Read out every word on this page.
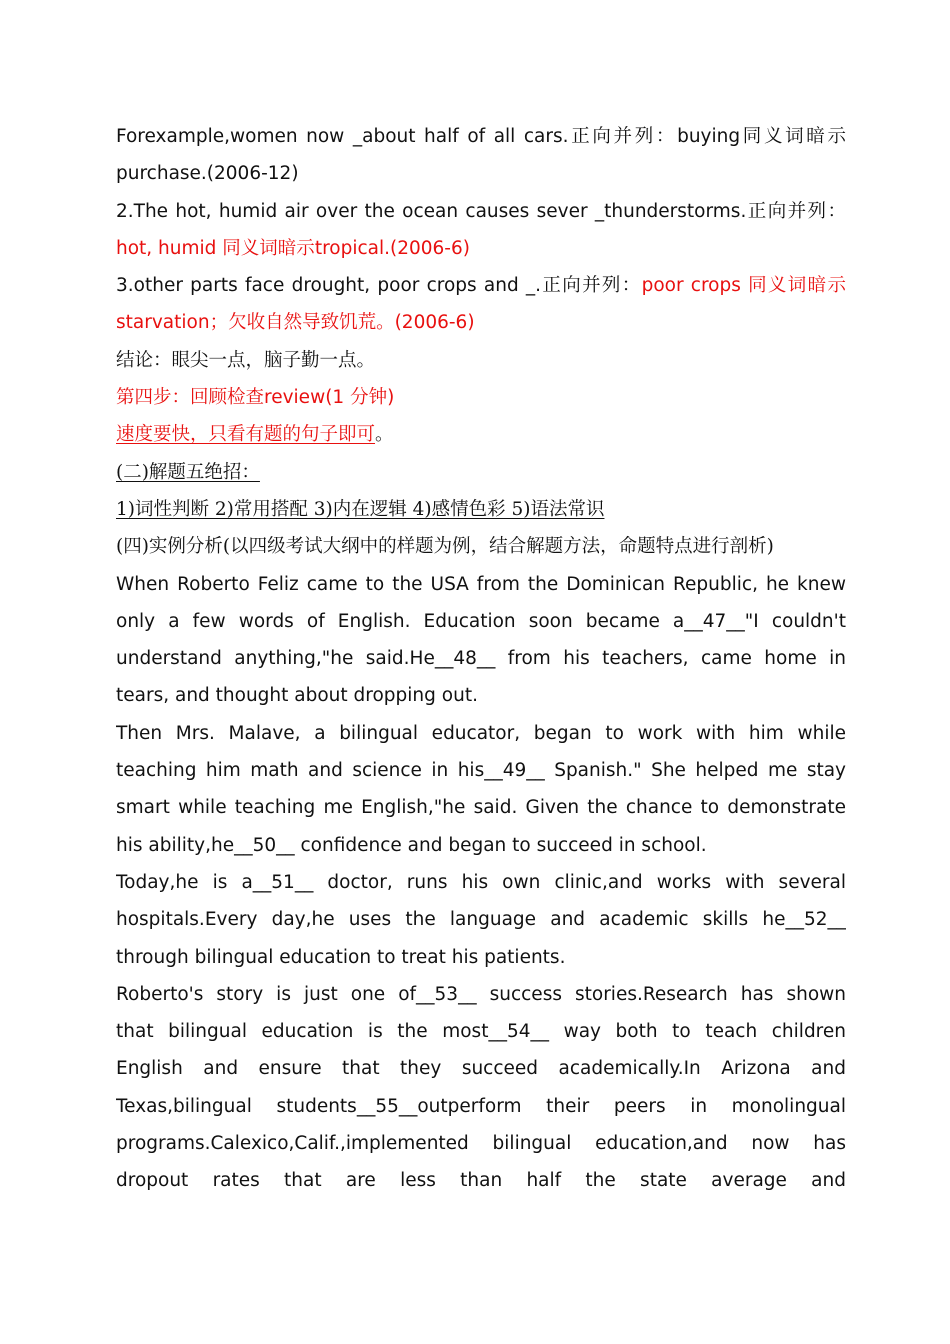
Forexample,women now _about half of all cars.正向并列：buying同义词暗示
purchase.(2006-12)
2.The hot, humid air over the ocean causes sever _thunderstorms.正向并列：
hot, humid 同义词暗示tropical.(2006-6)
3.other parts face drought, poor crops and _.正向并列：poor crops 同义词暗示
starvation；欠收自然导致饥荒。(2006-6)
结论：眼尖一点，脑子勤一点。
第四步：回顾检查review(1 分钟)
速度要快，只看有题的句子即可。
(二)解题五绝招：
1)词性判断 2)常用搭配 3)内在逻辑 4)感情色彩 5)语法常识
(四)实例分析(以四级考试大纲中的样题为例，结合解题方法，命题特点进行剖析)
When Roberto Feliz came to the USA from the Dominican Republic, he knew
only a few words of English. Education soon became a__47__"I couldn't
understand anything,"he said.He__48__ from his teachers, came home in
tears, and thought about dropping out.
Then Mrs. Malave, a bilingual educator, began to work with him while
teaching him math and science in his__49__ Spanish." She helped me stay
smart while teaching me English,"he said. Given the chance to demonstrate
his ability,he__50__ confidence and began to succeed in school.
Today,he is a__51__ doctor, runs his own clinic,and works with several
hospitals.Every day,he uses the language and academic skills he__52__
through bilingual education to treat his patients.
Roberto's story is just one of__53__ success stories.Research has shown
that bilingual education is the most__54__ way both to teach children
English and ensure that they succeed academically.In Arizona and
Texas,bilingual students__55__outperform their peers in monolingual
programs.Calexico,Calif.,implemented bilingual education,and now has
dropout rates that are less than half the state average and
